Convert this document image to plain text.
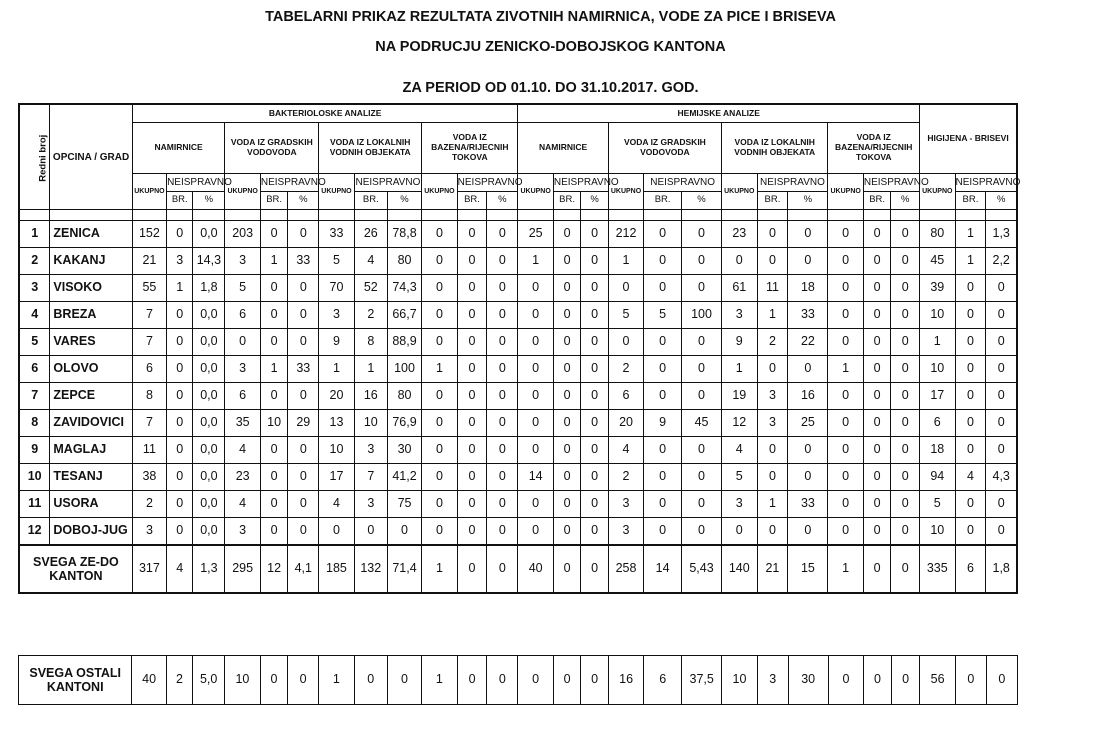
TABELARNI PRIKAZ REZULTATA ZIVOTNIH NAMIRNICA, VODE ZA PICE I BRISEVA
NA PODRUCJU ZENICKO-DOBOJSKOG KANTONA
ZA PERIOD OD 01.10. DO 31.10.2017. GOD.
Redni broj	OPCINA / GRAD	BAKTERIOLOSKE ANALIZE												HEMIJSKE ANALIZE												HIGIJENA - BRISEVI		
		NAMIRNICE			VODA IZ GRADSKIH VODOVODA			VODA IZ LOKALNIH VODNIH OBJEKATA			VODA IZ BAZENA/RIJECNIH TOKOVA			NAMIRNICE			VODA IZ GRADSKIH VODOVODA			VODA IZ LOKALNIH VODNIH OBJEKATA			VODA IZ BAZENA/RIJECNIH TOKOVA					
		UKUPNO	NEISPRAVNO		UKUPNO	NEISPRAVNO		UKUPNO	NEISPRAVNO		UKUPNO	NEISPRAVNO		UKUPNO	NEISPRAVNO		UKUPNO	NEISPRAVNO		UKUPNO	NEISPRAVNO		UKUPNO	NEISPRAVNO		UKUPNO	NEISPRAVNO	
			BR.	%		BR.	%		BR.	%		BR.	%		BR.	%		BR.	%		BR.	%		BR.	%		BR.	%

1	ZENICA	152	0	0,0	203	0	0	33	26	78,8	0	0	0	25	0	0	212	0	0	23	0	0	0	0	0	80	1	1,3
2	KAKANJ	21	3	14,3	3	1	33	5	4	80	0	0	0	1	0	0	1	0	0	0	0	0	0	0	0	45	1	2,2
3	VISOKO	55	1	1,8	5	0	0	70	52	74,3	0	0	0	0	0	0	0	0	0	61	11	18	0	0	0	39	0	0
4	BREZA	7	0	0,0	6	0	0	3	2	66,7	0	0	0	0	0	0	5	5	100	3	1	33	0	0	0	10	0	0
5	VARES	7	0	0,0	0	0	0	9	8	88,9	0	0	0	0	0	0	0	0	0	9	2	22	0	0	0	1	0	0
6	OLOVO	6	0	0,0	3	1	33	1	1	100	1	0	0	0	0	0	2	0	0	1	0	0	1	0	0	10	0	0
7	ZEPCE	8	0	0,0	6	0	0	20	16	80	0	0	0	0	0	0	6	0	0	19	3	16	0	0	0	17	0	0
8	ZAVIDOVICI	7	0	0,0	35	10	29	13	10	76,9	0	0	0	0	0	0	20	9	45	12	3	25	0	0	0	6	0	0
9	MAGLAJ	11	0	0,0	4	0	0	10	3	30	0	0	0	0	0	0	4	0	0	4	0	0	0	0	0	18	0	0
10	TESANJ	38	0	0,0	23	0	0	17	7	41,2	0	0	0	14	0	0	2	0	0	5	0	0	0	0	0	94	4	4,3
11	USORA	2	0	0,0	4	0	0	4	3	75	0	0	0	0	0	0	3	0	0	3	1	33	0	0	0	5	0	0
12	DOBOJ-JUG	3	0	0,0	3	0	0	0	0	0	0	0	0	0	0	0	3	0	0	0	0	0	0	0	0	10	0	0
SVEGA ZE-DO KANTON		317	4	1,3	295	12	4,1	185	132	71,4	1	0	0	40	0	0	258	14	5,43	140	21	15	1	0	0	335	6	1,8
SVEGA OSTALI KANTONI	40	2	5,0	10	0	0	1	0	0	1	0	0	0	0	0	16	6	37,5	10	3	30	0	0	0	56	0	0
